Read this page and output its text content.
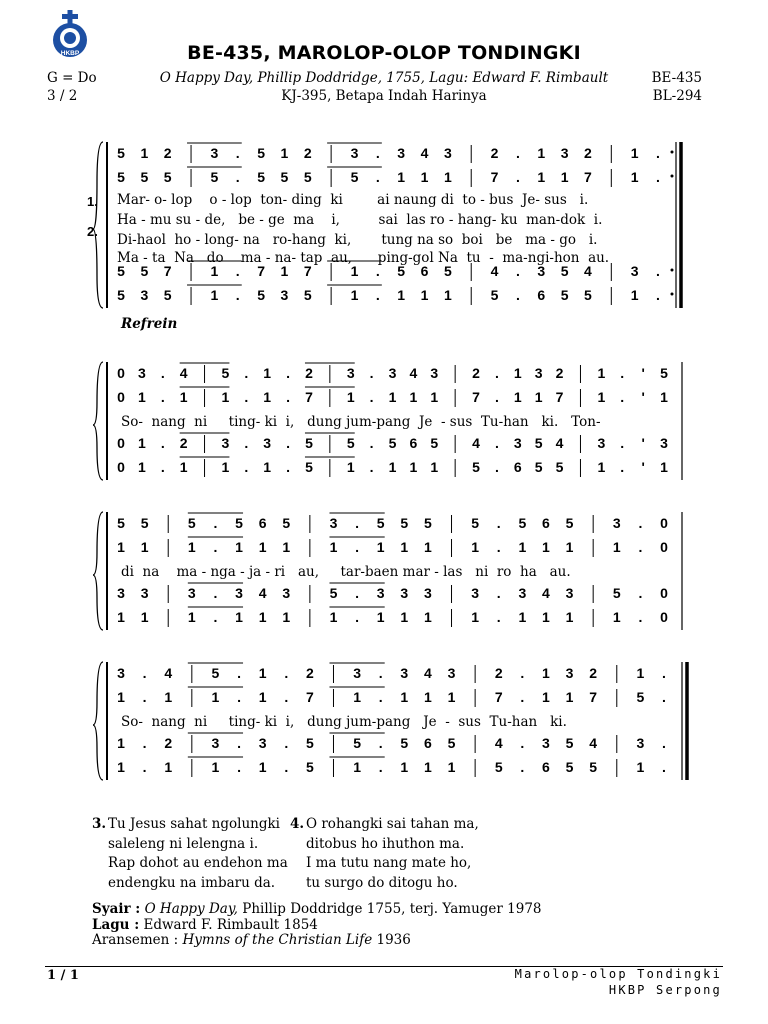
HKBP	BE-435, MAROLOP-OLOP TONDINGKI
G = Do
3 / 2
O Happy Day, Phillip Doddridge, 1755, Lagu: Edward F. Rimbault
KJ-395, Betapa Indah Harinya
BE-435
BL-294
5 1 2	3 . 5 1 2	3 . 3 4 3	2 . 1 3 2	1 .
5 5 5	5 . 5 5 5	5 . 1 1 1	7 . 1 1 7	1 .
5 5 7	1 . 7 1 7	1 . 5 6 5	4 . 3 5 4	3 .
5 3 5	1 . 5 3 5	1 . 1 1 1	5 . 6 5 5	1 .
Mar- o- lop    o - lop  ton- ding  ki        ai naung di  to - bus  Je- sus   i.
Ha - mu su - de,   be - ge  ma    i,         sai  las ro - hang- ku  man-dok  i.
Di-haol  ho - long- na   ro-hang  ki,       tung na so  boi   be   ma - go   i.
Ma - ta  Na   do    ma - na- tap  au,      ping-gol Na  tu  -  ma-ngi-hon  au.
1.
2.
0 3 . 4 5 . 1 . 2 3 . 3 4 3 2 . 1 3 2 1 . ' 5
0 1 . 1 1 . 1 . 7 1 . 1 1 1 7 . 1 1 7 1 . ' 1
0 1 . 2 3 . 3 . 5 5 . 5 6 5 4 . 3 5 4 3 . ' 3
0 1 . 1 1 . 1 . 5 1 . 1 1 1 5 . 6 5 5 1 . ' 1
So-  nang  ni     ting- ki  i,   dung jum-pang  Je  - sus  Tu-han   ki.   Ton-
Refrein
5 5	5 . 5 6 5	3 . 5 5 5	5 . 5 6 5	3 . 0
1 1	1 . 1 1 1	1 . 1 1 1	1 . 1 1 1	1 . 0
3 3	3 . 3 4 3	5 . 3 3 3	3 . 3 4 3	5 . 0
1 1	1 . 1 1 1	1 . 1 1 1	1 . 1 1 1	1 . 0
di  na    ma - nga - ja - ri   au,     tar-baen mar - las   ni  ro  ha   au.
3 . 4	5 . 1 . 2	3 . 3 4 3	2 . 1 3 2	1 .
1 . 1	1 . 1 . 7	1 . 1 1 1	7 . 1 1 7	5 .
1 . 2	3 . 3 . 5	5 . 5 6 5	4 . 3 5 4	3 .
1 . 1	1 . 1 . 5	1 . 1 1 1	5 . 6 5 5	1 .
So-  nang  ni     ting- ki  i,   dung jum-pang   Je  -  sus  Tu-han   ki.
3. Tu Jesus sahat ngolungki
saleleng ni lelengna i.
Rap dohot au endehon ma
endengku na imbaru da.
4. O rohangki sai tahan ma,
ditobus ho ihuthon ma.
I ma tutu nang mate ho,
tu surgo do ditogu ho.
Syair : O Happy Day, Phillip Doddridge 1755, terj. Yamuger 1978
Lagu : Edward F. Rimbault 1854
Aransemen : Hymns of the Christian Life 1936
1 / 1	Marolop-olop Tondingki
HKBP Serpong
